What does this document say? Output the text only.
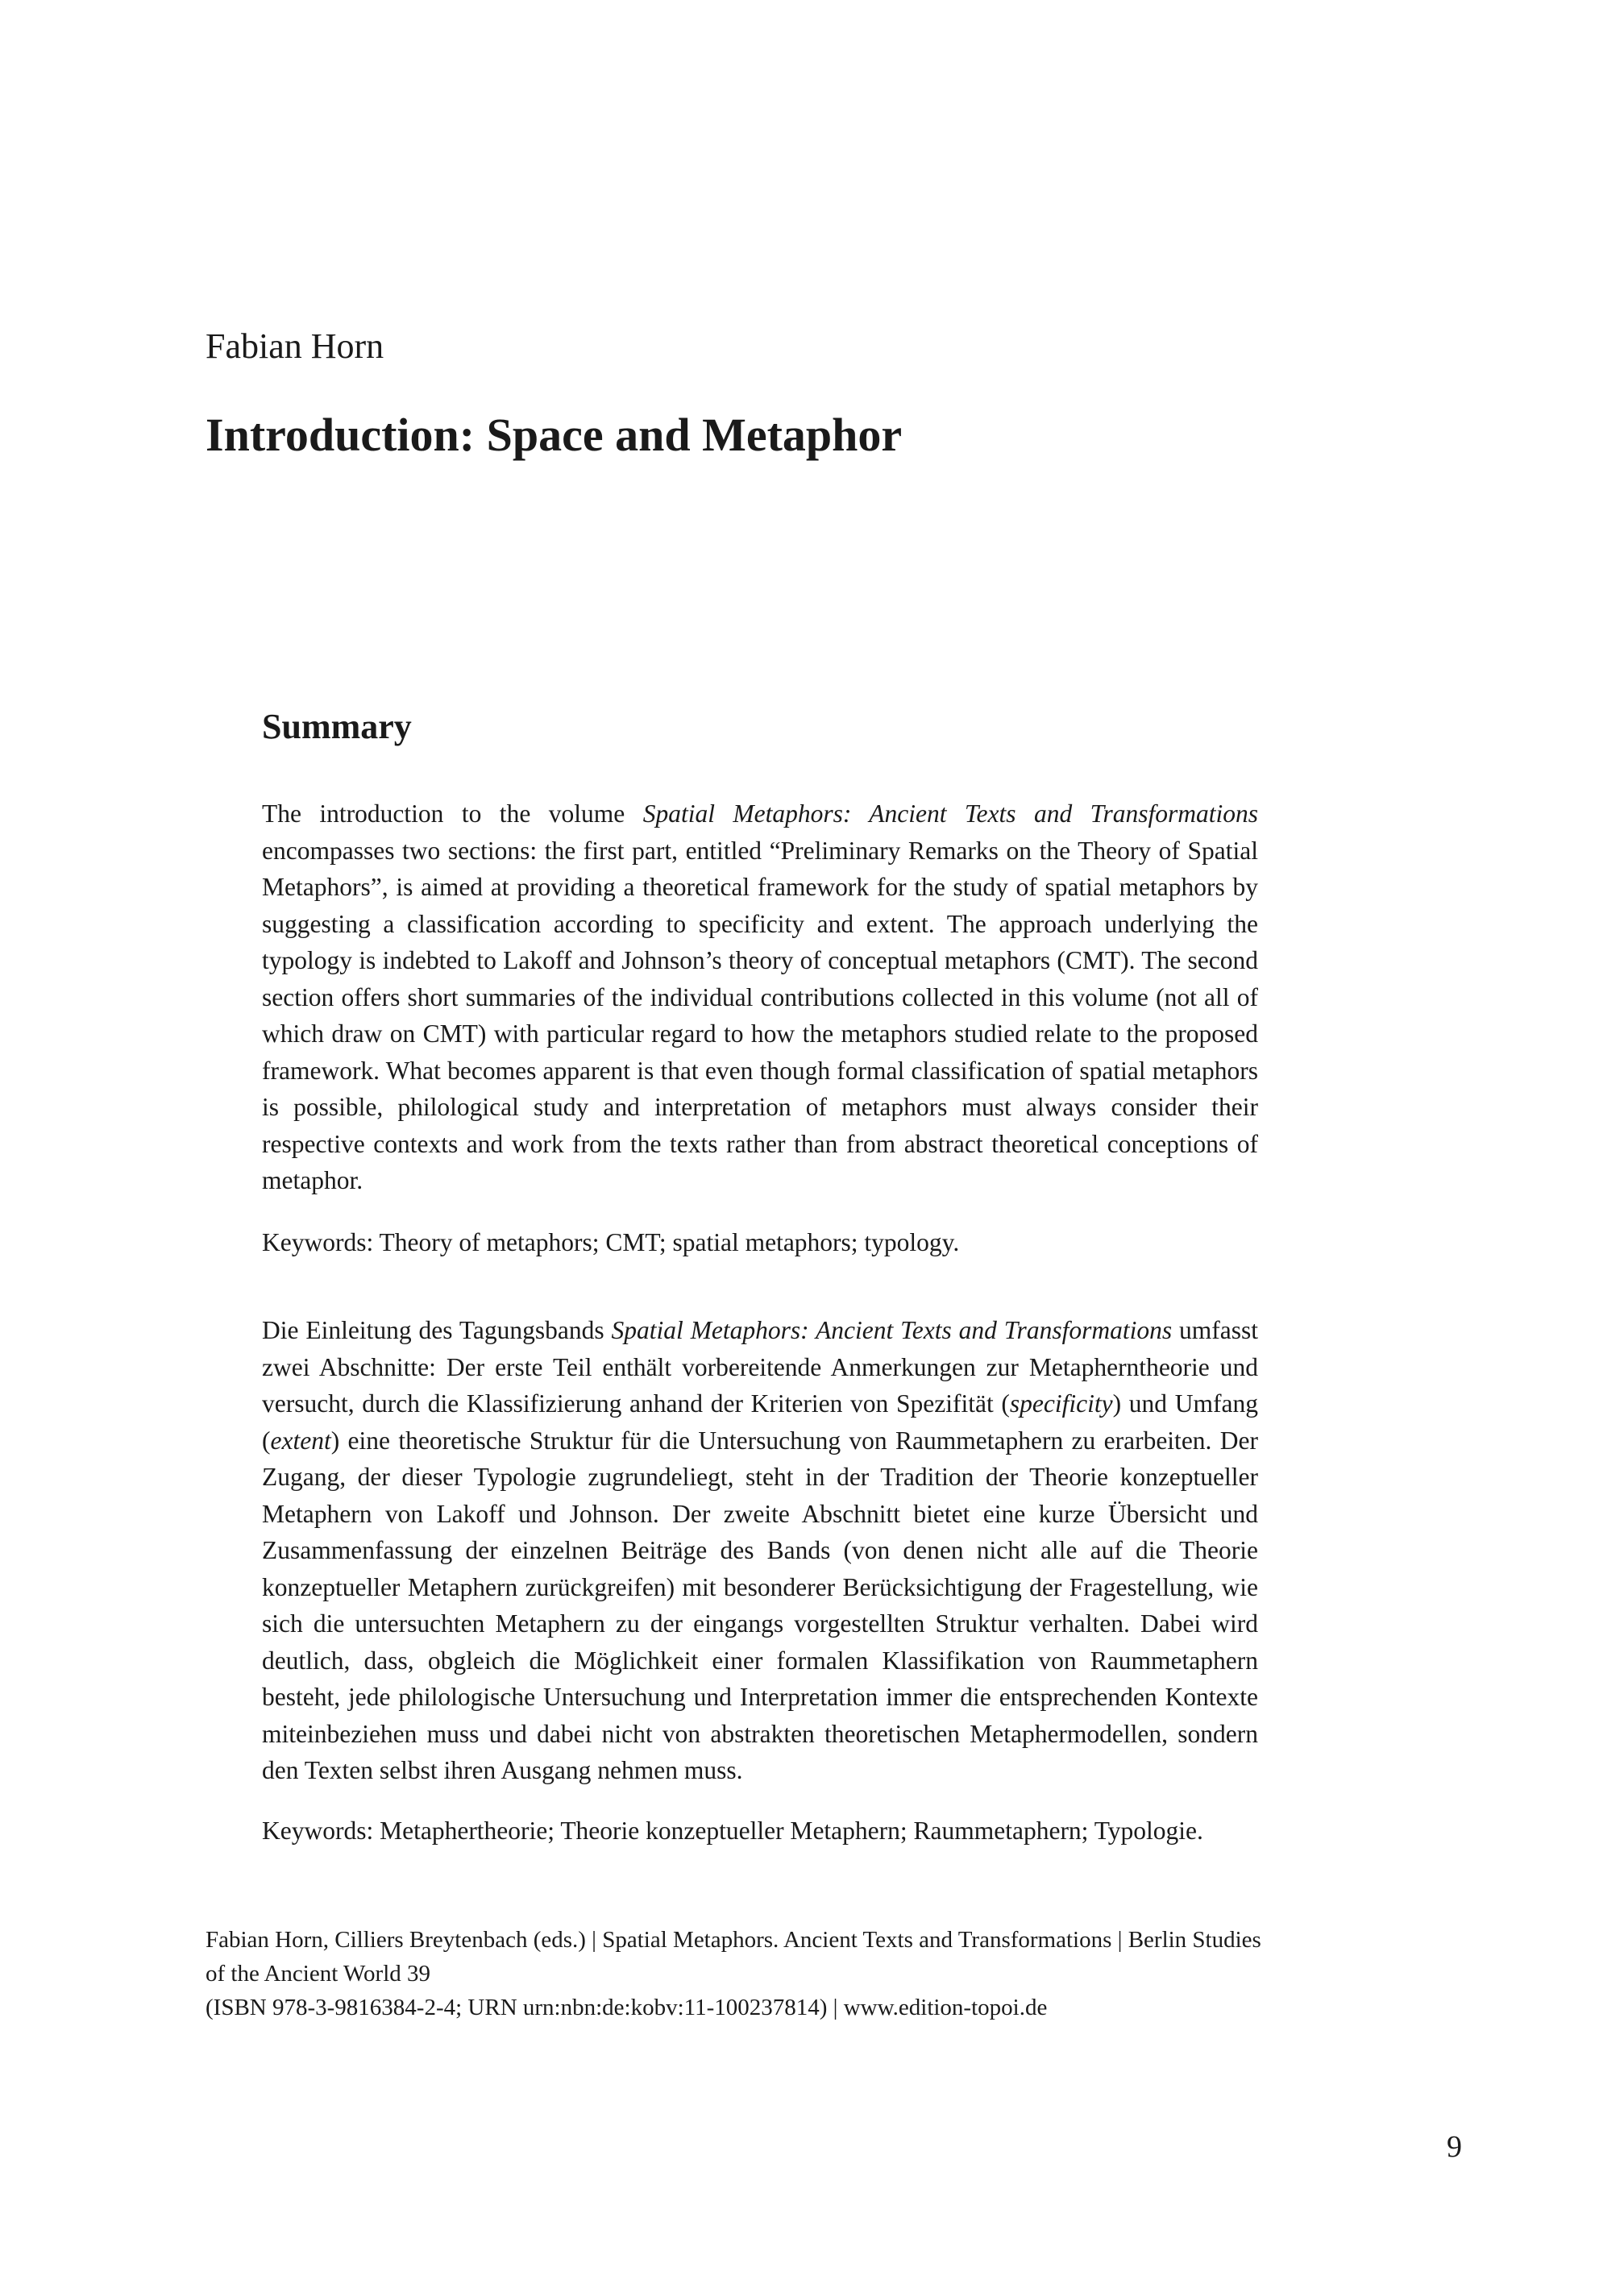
Fabian Horn
Introduction: Space and Metaphor
Summary

The introduction to the volume Spatial Metaphors: Ancient Texts and Transformations encompasses two sections: the first part, entitled “Preliminary Remarks on the Theory of Spatial Metaphors”, is aimed at providing a theoretical framework for the study of spatial metaphors by suggesting a classification according to specificity and extent. The approach underlying the typology is indebted to Lakoff and Johnson’s theory of conceptual metaphors (CMT). The second section offers short summaries of the individual contributions collected in this volume (not all of which draw on CMT) with particular regard to how the metaphors studied relate to the proposed framework. What becomes apparent is that even though formal classification of spatial metaphors is possible, philological study and interpretation of metaphors must always consider their respective contexts and work from the texts rather than from abstract theoretical conceptions of metaphor.

Keywords: Theory of metaphors; CMT; spatial metaphors; typology.

Die Einleitung des Tagungsbands Spatial Metaphors: Ancient Texts and Transformations umfasst zwei Abschnitte: Der erste Teil enthält vorbereitende Anmerkungen zur Metapherntheorie und versucht, durch die Klassifizierung anhand der Kriterien von Spezifität (specificity) und Umfang (extent) eine theoretische Struktur für die Untersuchung von Raummetaphern zu erarbeiten. Der Zugang, der dieser Typologie zugrundeliegt, steht in der Tradition der Theorie konzeptueller Metaphern von Lakoff und Johnson. Der zweite Abschnitt bietet eine kurze Übersicht und Zusammenfassung der einzelnen Beiträge des Bands (von denen nicht alle auf die Theorie konzeptueller Metaphern zurückgreifen) mit besonderer Berücksichtigung der Fragestellung, wie sich die untersuchten Metaphern zu der eingangs vorgestellten Struktur verhalten. Dabei wird deutlich, dass, obgleich die Möglichkeit einer formalen Klassifikation von Raummetaphern besteht, jede philologische Untersuchung und Interpretation immer die entsprechenden Kontexte miteinbeziehen muss und dabei nicht von abstrakten theoretischen Metaphermodellen, sondern den Texten selbst ihren Ausgang nehmen muss.

Keywords: Metaphertheorie; Theorie konzeptueller Metaphern; Raummetaphern; Typologie.

Fabian Horn, Cilliers Breytenbach (eds.) | Spatial Metaphors. Ancient Texts and Transformations | Berlin Studies of the Ancient World 39
(ISBN 978-3-9816384-2-4; URN urn:nbn:de:kobv:11-100237814) | www.edition-topoi.de

9
